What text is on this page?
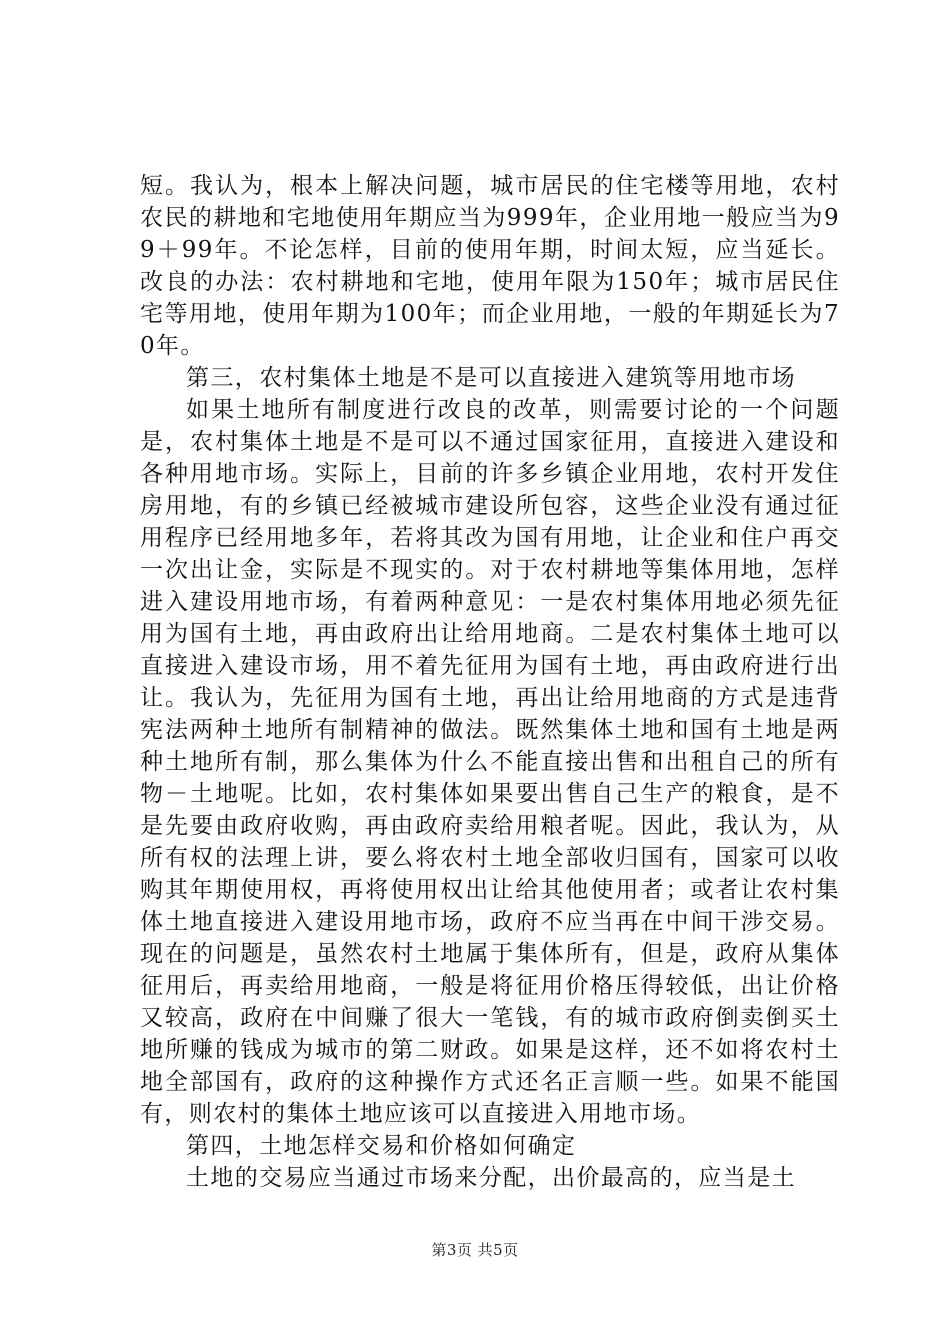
短。我认为，根本上解决问题，城市居民的住宅楼等用地，农村农民的耕地和宅地使用年期应当为999年，企业用地一般应当为99＋99年。不论怎样，目前的使用年期，时间太短，应当延长。改良的办法：农村耕地和宅地，使用年限为150年；城市居民住宅等用地，使用年期为100年；而企业用地，一般的年期延长为70年。

第三，农村集体土地是不是可以直接进入建筑等用地市场

如果土地所有制度进行改良的改革，则需要讨论的一个问题是，农村集体土地是不是可以不通过国家征用，直接进入建设和各种用地市场。实际上，目前的许多乡镇企业用地，农村开发住房用地，有的乡镇已经被城市建设所包容，这些企业没有通过征用程序已经用地多年，若将其改为国有用地，让企业和住户再交一次出让金，实际是不现实的。对于农村耕地等集体用地，怎样进入建设用地市场，有着两种意见：一是农村集体用地必须先征用为国有土地，再由政府出让给用地商。二是农村集体土地可以直接进入建设市场，用不着先征用为国有土地，再由政府进行出让。我认为，先征用为国有土地，再出让给用地商的方式是违背宪法两种土地所有制精神的做法。既然集体土地和国有土地是两种土地所有制，那么集体为什么不能直接出售和出租自己的所有物－土地呢。比如，农村集体如果要出售自己生产的粮食，是不是先要由政府收购，再由政府卖给用粮者呢。因此，我认为，从所有权的法理上讲，要么将农村土地全部收归国有，国家可以收购其年期使用权，再将使用权出让给其他使用者；或者让农村集体土地直接进入建设用地市场，政府不应当再在中间干涉交易。现在的问题是，虽然农村土地属于集体所有，但是，政府从集体征用后，再卖给用地商，一般是将征用价格压得较低，出让价格又较高，政府在中间赚了很大一笔钱，有的城市政府倒卖倒买土地所赚的钱成为城市的第二财政。如果是这样，还不如将农村土地全部国有，政府的这种操作方式还名正言顺一些。如果不能国有，则农村的集体土地应该可以直接进入用地市场。

第四，土地怎样交易和价格如何确定

土地的交易应当通过市场来分配，出价最高的，应当是土

第3页 共5页
